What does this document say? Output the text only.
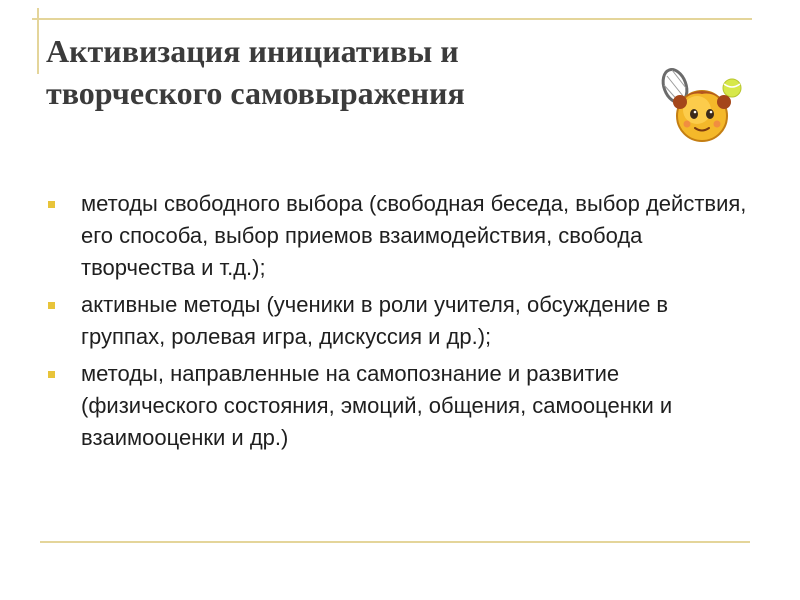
Активизация инициативы и
творческого самовыражения
методы свободного выбора (свободная беседа, выбор действия, его способа, выбор приемов взаимодействия, свобода творчества и т.д.);
активные методы (ученики в роли учителя, обсуждение в группах, ролевая игра, дискуссия и др.);
методы, направленные на самопознание и развитие (физического состояния, эмоций, общения, самооценки и взаимооценки и др.)
